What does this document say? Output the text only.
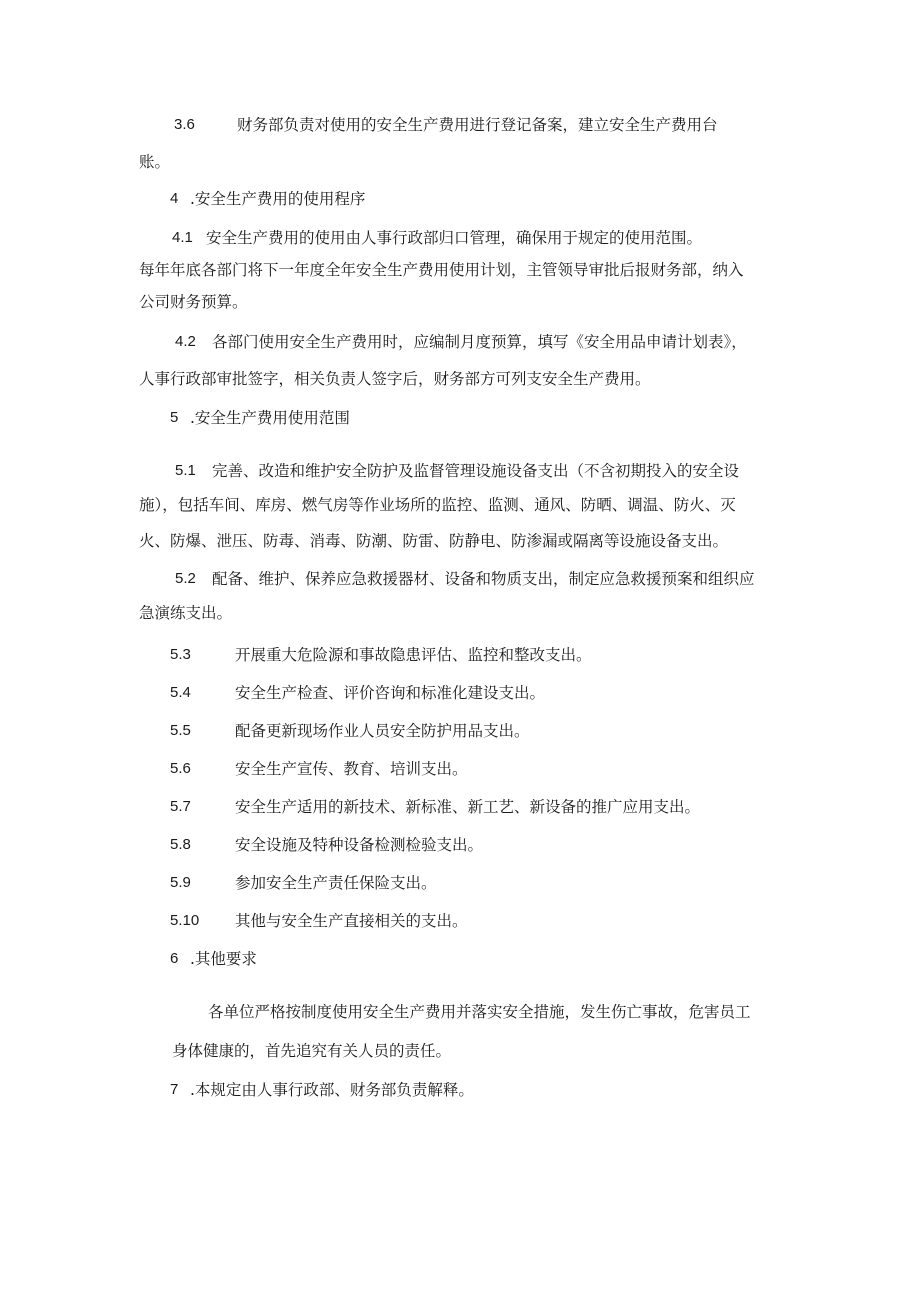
3.6	财务部负责对使用的安全生产费用进行登记备案，建立安全生产费用台
账。
4 .安全生产费用的使用程序
4.1 安全生产费用的使用由人事行政部归口管理，确保用于规定的使用范围。
每年年底各部门将下一年度全年安全生产费用使用计划，主管领导审批后报财务部，纳入
公司财务预算。
4.2 各部门使用安全生产费用时，应编制月度预算，填写《安全用品申请计划表》，
人事行政部审批签字，相关负责人签字后，财务部方可列支安全生产费用。
5 .安全生产费用使用范围
5.1 完善、改造和维护安全防护及监督管理设施设备支出（不含初期投入的安全设
施），包括车间、库房、燃气房等作业场所的监控、监测、通风、防晒、调温、防火、灭
火、防爆、泄压、防毒、消毒、防潮、防雷、防静电、防渗漏或隔离等设施设备支出。
5.2 配备、维护、保养应急救援器材、设备和物质支出，制定应急救援预案和组织应
急演练支出。
5.3	开展重大危险源和事故隐患评估、监控和整改支出。
5.4	安全生产检查、评价咨询和标准化建设支出。
5.5	配备更新现场作业人员安全防护用品支出。
5.6	安全生产宣传、教育、培训支出。
5.7	安全生产适用的新技术、新标准、新工艺、新设备的推广应用支出。
5.8	安全设施及特种设备检测检验支出。
5.9	参加安全生产责任保险支出。
5.10 其他与安全生产直接相关的支出。
6 .其他要求
各单位严格按制度使用安全生产费用并落实安全措施，发生伤亡事故，危害员工
身体健康的，首先追究有关人员的责任。
7 .本规定由人事行政部、财务部负责解释。
